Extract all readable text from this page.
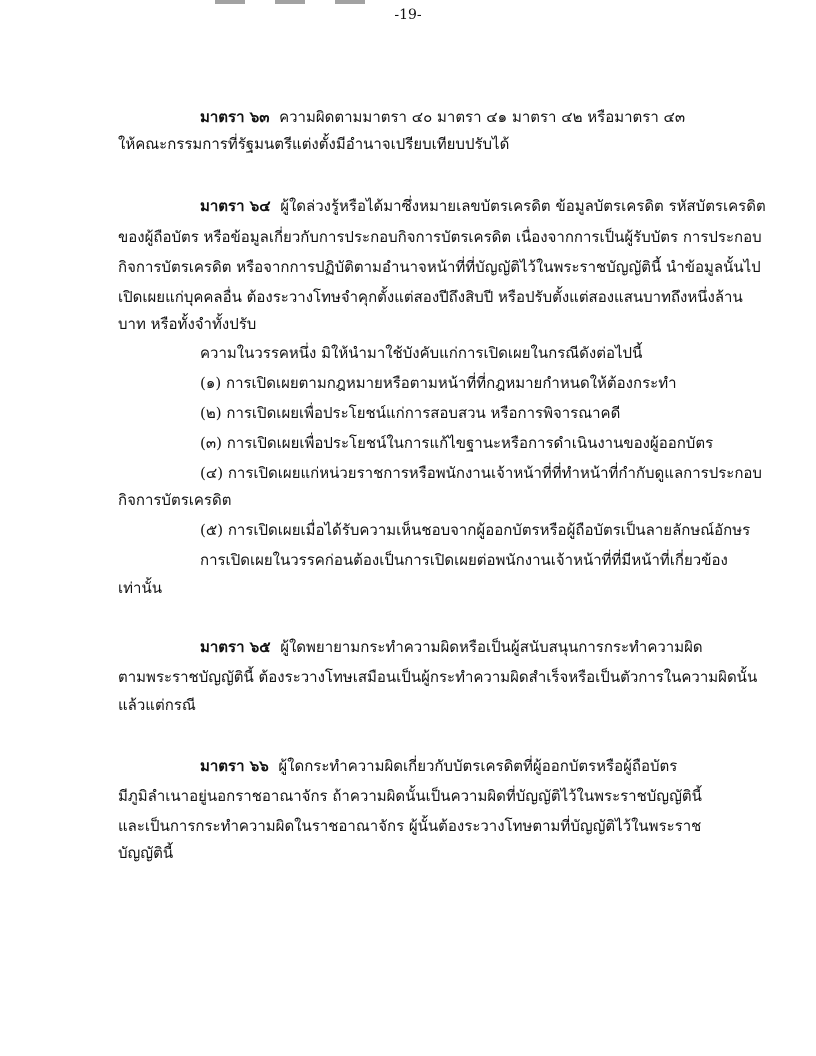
-19-
มาตรา ๖๓ ความผิดตามมาตรา ๔๐ มาตรา ๔๑ มาตรา ๔๒ หรือมาตรา ๔๓
ให้คณะกรรมการที่รัฐมนตรีแต่งตั้งมีอำนาจเปรียบเทียบปรับได้
มาตรา ๖๔ ผู้ใดล่วงรู้หรือได้มาซึ่งหมายเลขบัตรเครดิต ข้อมูลบัตรเครดิต รหัสบัตรเครดิต
ของผู้ถือบัตร หรือข้อมูลเกี่ยวกับการประกอบกิจการบัตรเครดิต เนื่องจากการเป็นผู้รับบัตร การประกอบ
กิจการบัตรเครดิต หรือจากการปฏิบัติตามอำนาจหน้าที่ที่บัญญัติไว้ในพระราชบัญญัตินี้ นำข้อมูลนั้นไป
เปิดเผยแก่บุคคลอื่น ต้องระวางโทษจำคุกตั้งแต่สองปีถึงสิบปี หรือปรับตั้งแต่สองแสนบาทถึงหนึ่งล้าน
บาท หรือทั้งจำทั้งปรับ
ความในวรรคหนึ่ง มิให้นำมาใช้บังคับแก่การเปิดเผยในกรณีดังต่อไปนี้
(๑) การเปิดเผยตามกฎหมายหรือตามหน้าที่ที่กฎหมายกำหนดให้ต้องกระทำ
(๒) การเปิดเผยเพื่อประโยชน์แก่การสอบสวน หรือการพิจารณาคดี
(๓) การเปิดเผยเพื่อประโยชน์ในการแก้ไขฐานะหรือการดำเนินงานของผู้ออกบัตร
(๔) การเปิดเผยแก่หน่วยราชการหรือพนักงานเจ้าหน้าที่ที่ทำหน้าที่กำกับดูแลการประกอบ
กิจการบัตรเครดิต
(๕) การเปิดเผยเมื่อได้รับความเห็นชอบจากผู้ออกบัตรหรือผู้ถือบัตรเป็นลายลักษณ์อักษร
การเปิดเผยในวรรคก่อนต้องเป็นการเปิดเผยต่อพนักงานเจ้าหน้าที่ที่มีหน้าที่เกี่ยวข้อง
เท่านั้น
มาตรา ๖๕ ผู้ใดพยายามกระทำความผิดหรือเป็นผู้สนับสนุนการกระทำความผิด
ตามพระราชบัญญัตินี้ ต้องระวางโทษเสมือนเป็นผู้กระทำความผิดสำเร็จหรือเป็นตัวการในความผิดนั้น
แล้วแต่กรณี
มาตรา ๖๖ ผู้ใดกระทำความผิดเกี่ยวกับบัตรเครดิตที่ผู้ออกบัตรหรือผู้ถือบัตร
มีภูมิลำเนาอยู่นอกราชอาณาจักร ถ้าความผิดนั้นเป็นความผิดที่บัญญัติไว้ในพระราชบัญญัตินี้
และเป็นการกระทำความผิดในราชอาณาจักร ผู้นั้นต้องระวางโทษตามที่บัญญัติไว้ในพระราช
บัญญัตินี้
